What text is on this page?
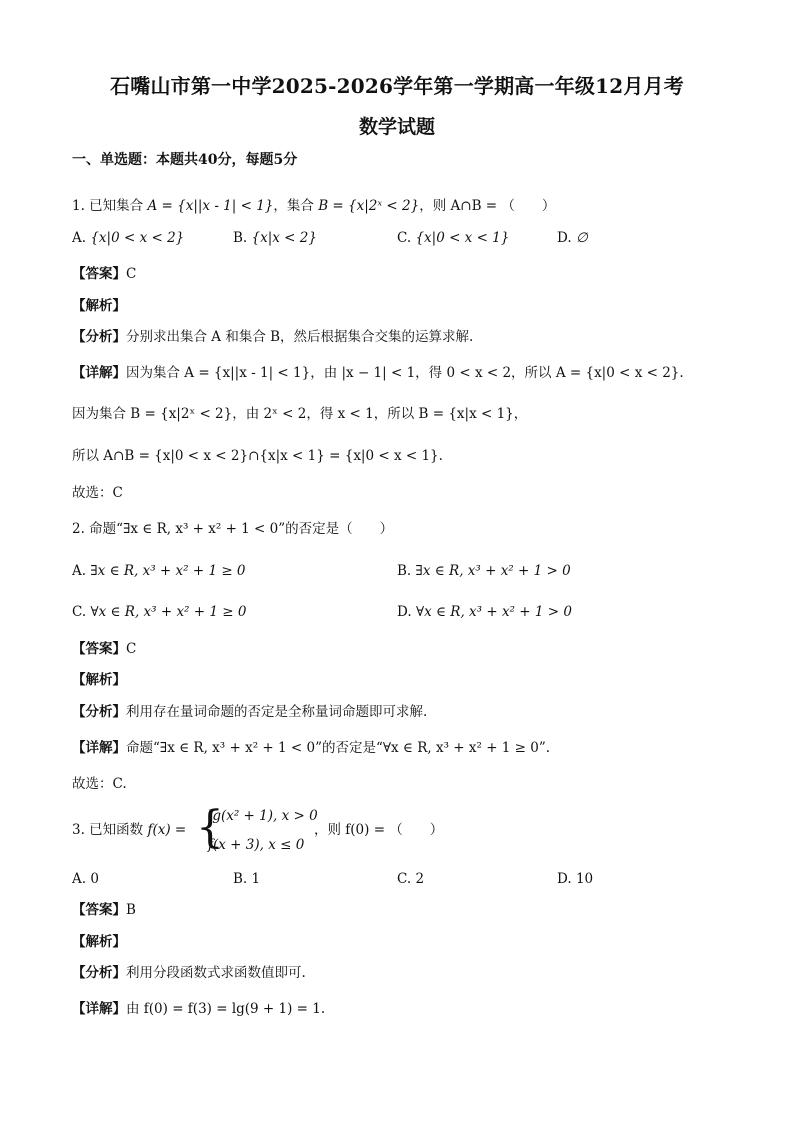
石嘴山市第一中学2025-2026学年第一学期高一年级12月月考
数学试题
一、单选题：本题共40分，每题5分
1. 已知集合 A = {x||x - 1| < 1}，集合 B = {x|2ˣ < 2}，则 A∩B = （　　）
A. {x|0 < x < 2}	B. {x|x < 2}	C. {x|0 < x < 1}	D. ∅
【答案】C
【解析】
【分析】分别求出集合 A 和集合 B，然后根据集合交集的运算求解.
【详解】因为集合 A = {x||x - 1| < 1}，由 |x − 1| < 1，得 0 < x < 2，所以 A = {x|0 < x < 2}.
因为集合 B = {x|2ˣ < 2}，由 2ˣ < 2，得 x < 1，所以 B = {x|x < 1}，
所以 A∩B = {x|0 < x < 2}∩{x|x < 1} = {x|0 < x < 1}.
故选：C
2. 命题“∃x ∈ R, x³ + x² + 1 < 0”的否定是（　　）
A. ∃x ∈ R, x³ + x² + 1 ≥ 0	B. ∃x ∈ R, x³ + x² + 1 > 0
C. ∀x ∈ R, x³ + x² + 1 ≥ 0	D. ∀x ∈ R, x³ + x² + 1 > 0
【答案】C
【解析】
【分析】利用存在量词命题的否定是全称量词命题即可求解.
【详解】命题“∃x ∈ R, x³ + x² + 1 < 0”的否定是“∀x ∈ R, x³ + x² + 1 ≥ 0”.
故选：C.
3. 已知函数 f(x) = {
lg(x² + 1), x > 0
f(x + 3), x ≤ 0
，则 f(0) = （　　）
A. 0	B. 1	C. 2	D. 10
【答案】B
【解析】
【分析】利用分段函数式求函数值即可.
【详解】由 f(0) = f(3) = lg(9 + 1) = 1.
